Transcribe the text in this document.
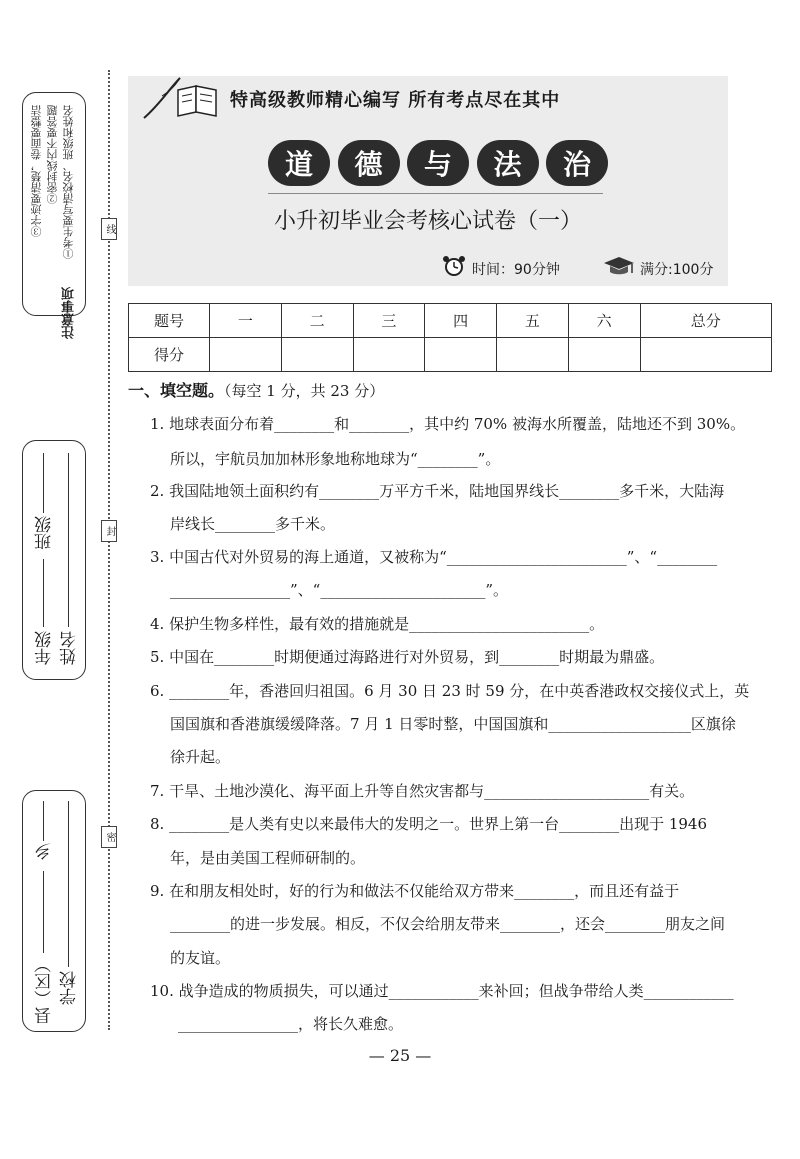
注意事项
①考生要写清校名、班级和姓名
②密封线内不要答题
③字迹要清楚，卷面要整洁
年级
班级
姓名
县（区）
乡
学校
线
封
密
特高级教师精心编写 所有考点尽在其中
道	德	与	法	治
小升初毕业会考核心试卷（一）
时间：90分钟	满分:100分
题号	一	二	三	四	五	六	总分
得分							
一、填空题。（每空 1 分，共 23 分）
1. 地球表面分布着________和________，其中约 70% 被海水所覆盖，陆地还不到 30%。
所以，宇航员加加林形象地称地球为“________”。
2. 我国陆地领土面积约有________万平方千米，陆地国界线长________多千米，大陆海
岸线长________多千米。
3. 中国古代对外贸易的海上通道，又被称为“________________________”、“________
________________”、“______________________”。
4. 保护生物多样性，最有效的措施就是________________________。
5. 中国在________时期便通过海路进行对外贸易，到________时期最为鼎盛。
6. ________年，香港回归祖国。6 月 30 日 23 时 59 分，在中英香港政权交接仪式上，英
国国旗和香港旗缓缓降落。7 月 1 日零时整，中国国旗和___________________区旗徐
徐升起。
7. 干旱、土地沙漠化、海平面上升等自然灾害都与______________________有关。
8. ________是人类有史以来最伟大的发明之一。世界上第一台________出现于 1946
年，是由美国工程师研制的。
9. 在和朋友相处时，好的行为和做法不仅能给双方带来________，而且还有益于
________的进一步发展。相反，不仅会给朋友带来________，还会________朋友之间
的友谊。
10. 战争造成的物质损失，可以通过____________来补回；但战争带给人类____________
________________，将长久难愈。
— 25 —
